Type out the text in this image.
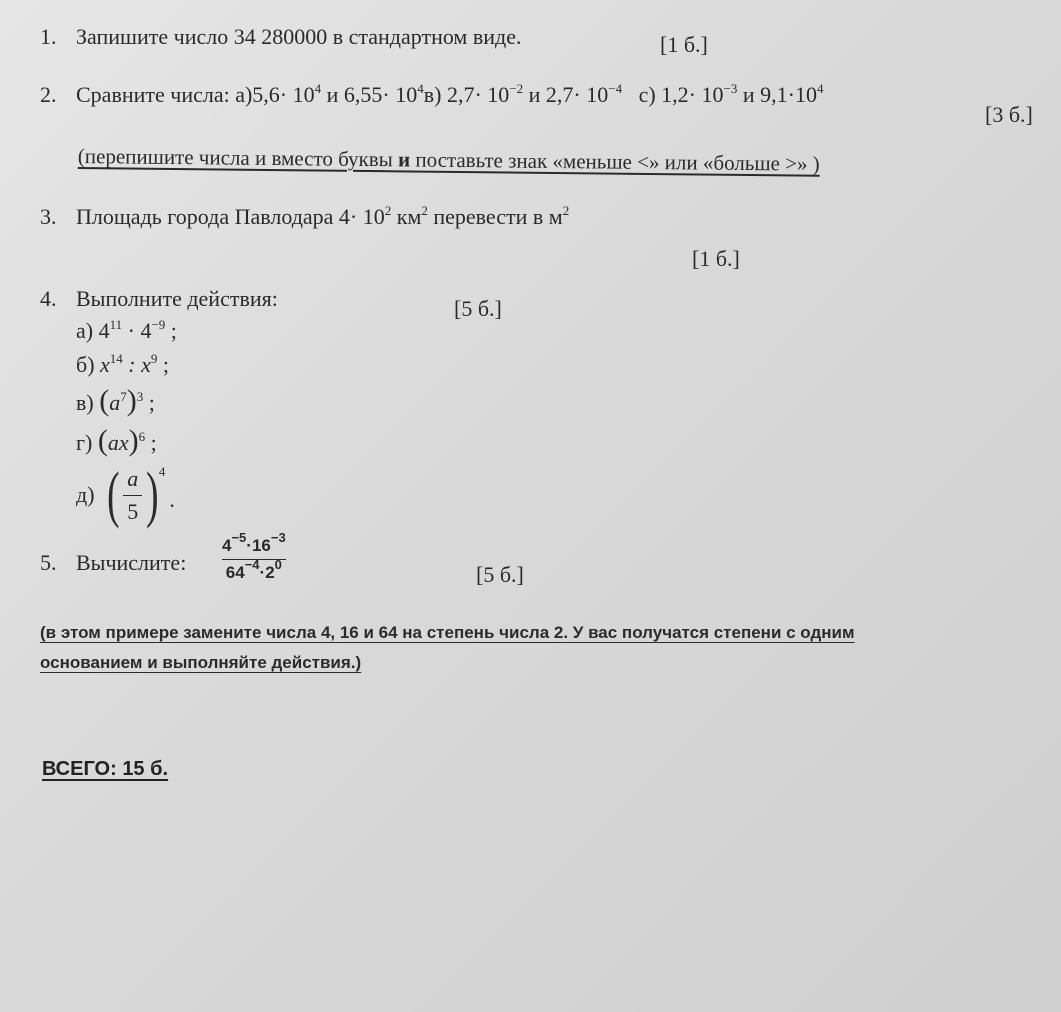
1. Запишите число 34 280000 в стандартном виде.	[1 б.]
2. Сравните числа: $а)5,6\cdot 10^4$ и $6,55\cdot 10^4в$) $2,7\cdot 10^{-2}$ и $2,7\cdot 10^{-4}$ с) $1,2\cdot 10^{-3}$ и $9,1\cdot 10^4$
[3 б.]
(перепишите числа и вместо буквы и поставьте знак «меньше <» или «больше >» )
3. Площадь города Павлодара $4\cdot 10^2$ $км^2$ перевести в $м^2$
[1 б.]
4. Выполните действия:	[5 б.]
а) $4^{11} \cdot 4^{-9}$ ;
б) $x^{14}$ : $x^9$ ;
в) $(a^7)^3$ ;
г) (ax)$^6$ ;
д) ( $\frac{a}{5}$ ) 4
.
5. Вычислите: $\frac{4^{-5}\cdot 16^{-3}}{64^{-4}\cdot 2^0}$	[5 б.]
(в этом примере замените числа 4, 16 и 64 на степень числа 2. У вас получатся степени с одним
основанием и выполняйте действия.)
ВСЕГО: 15 б.
